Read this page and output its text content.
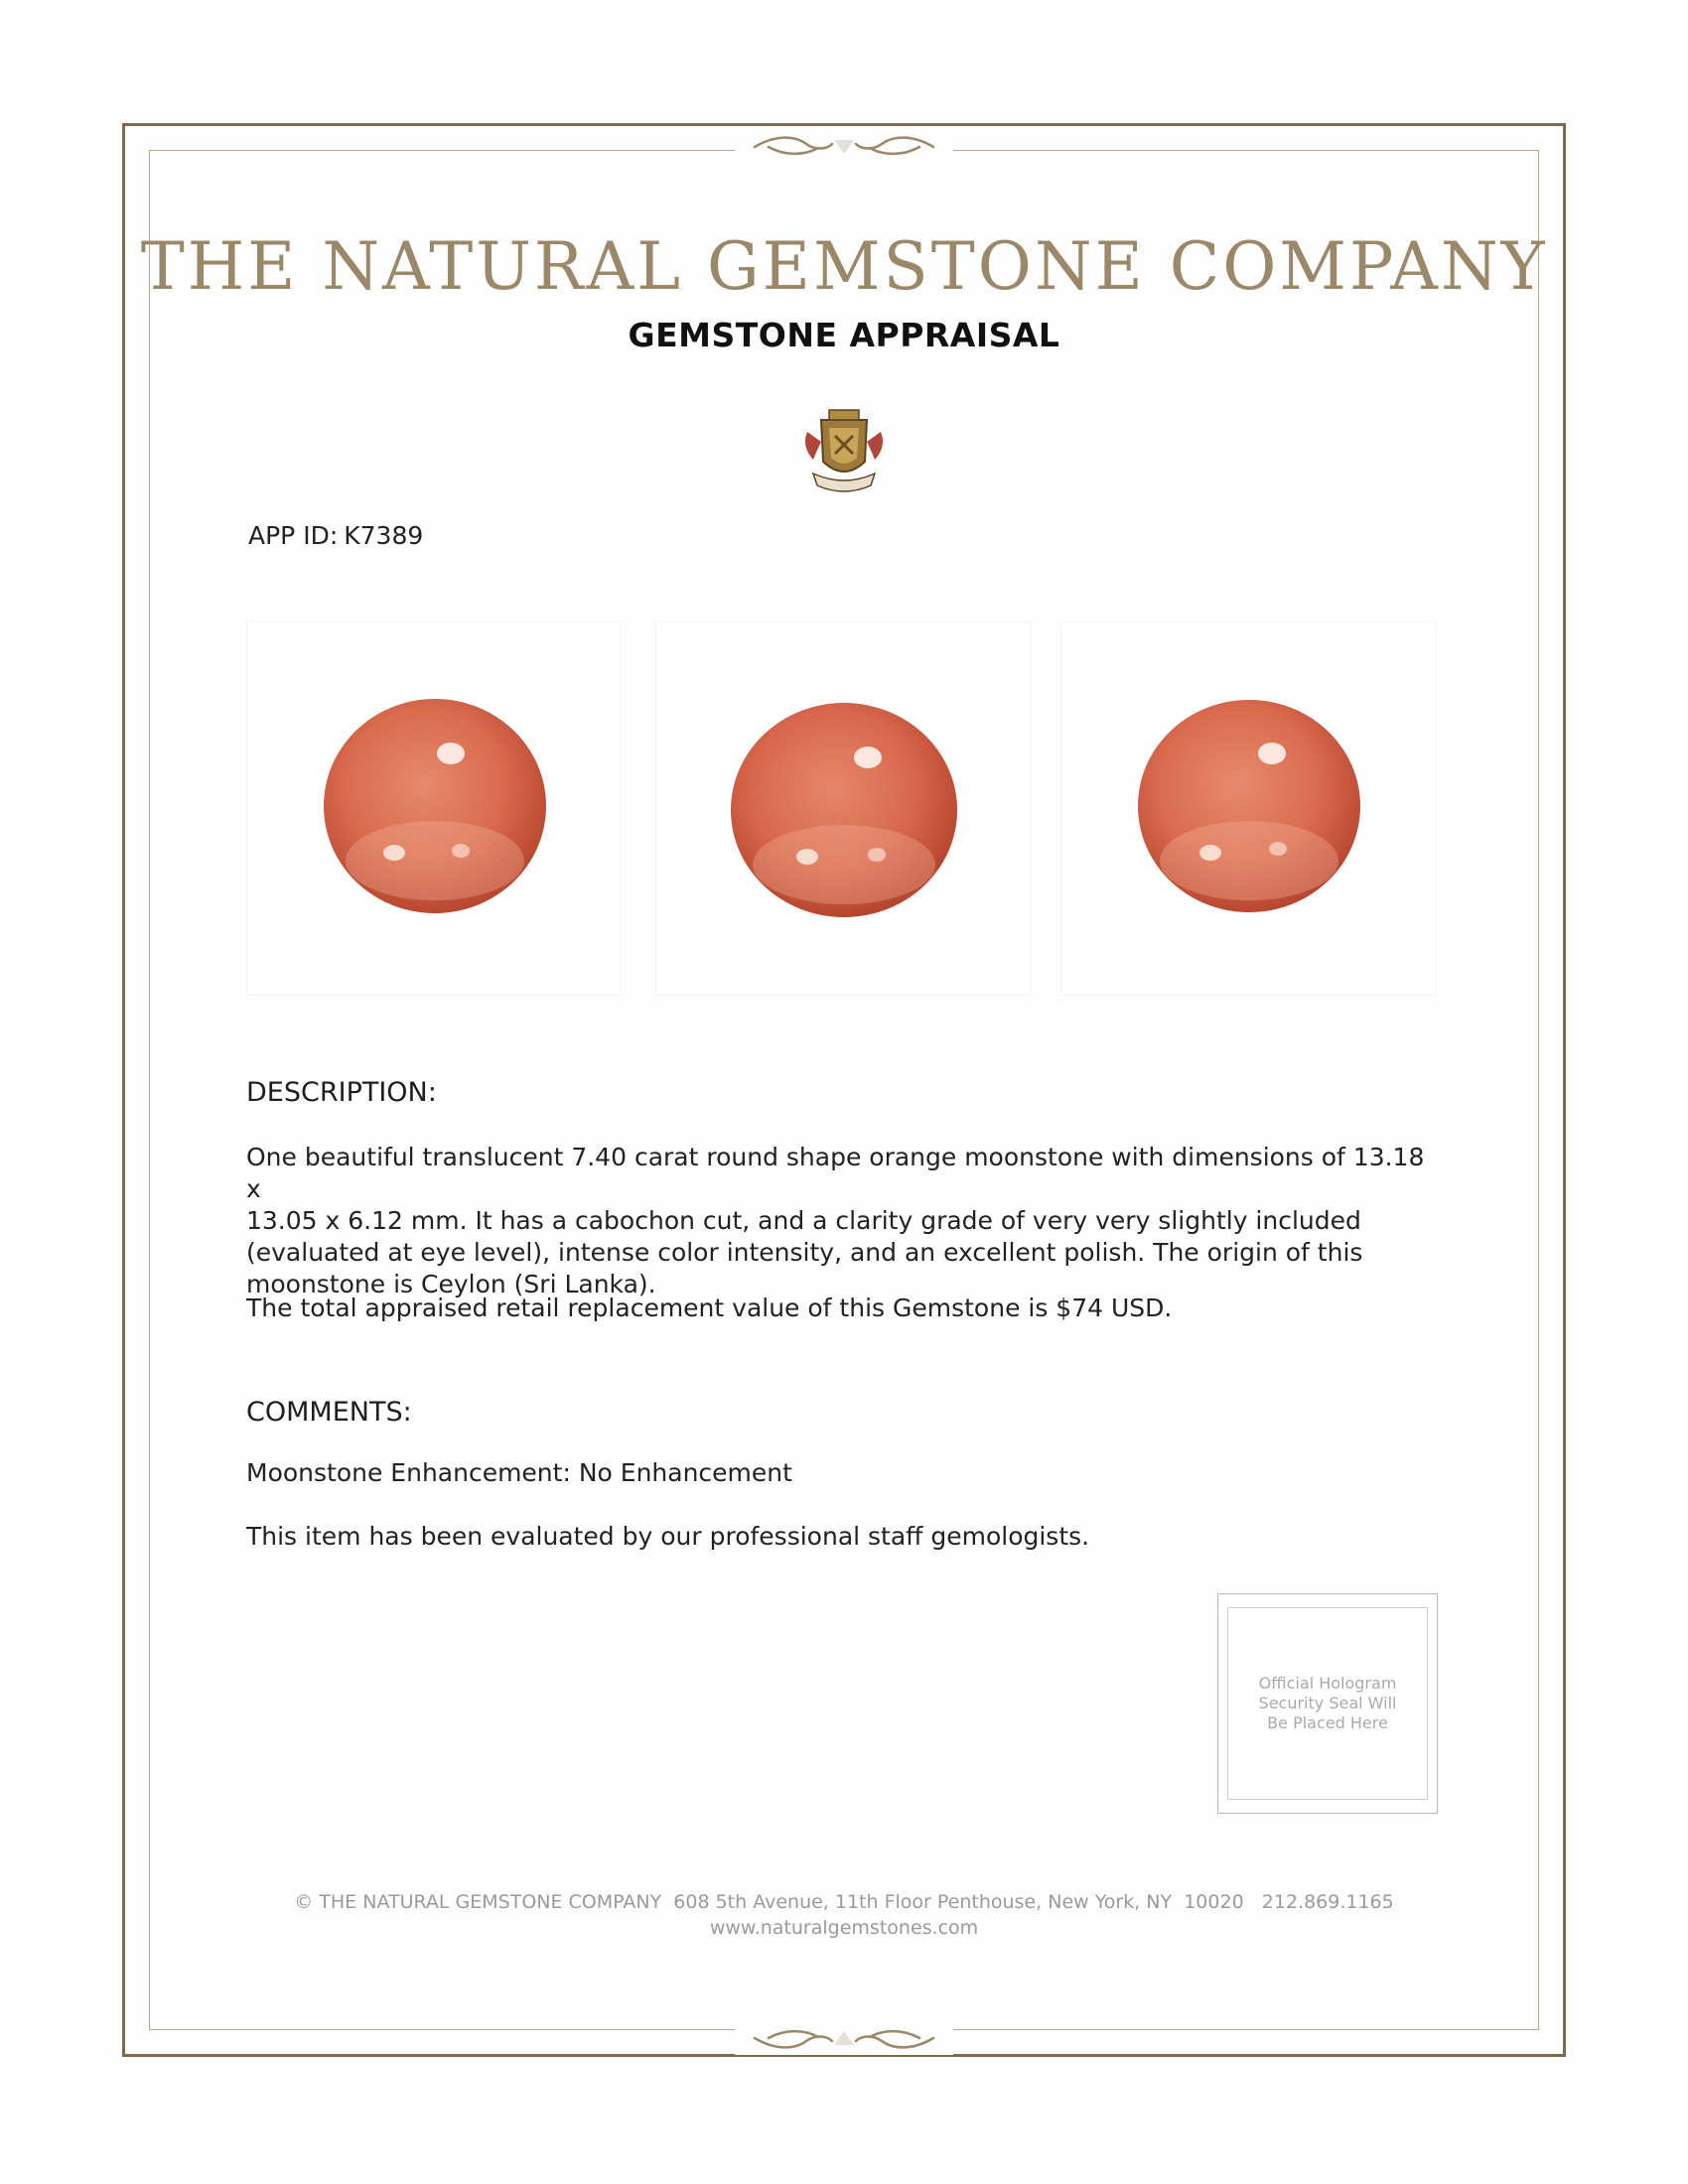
THE NATURAL GEMSTONE COMPANY
GEMSTONE APPRAISAL
APP ID: K7389
DESCRIPTION:
One beautiful translucent 7.40 carat round shape orange moonstone with dimensions of 13.18 x
13.05 x 6.12 mm. It has a cabochon cut, and a clarity grade of very very slightly included
(evaluated at eye level), intense color intensity, and an excellent polish. The origin of this
moonstone is Ceylon (Sri Lanka).

The total appraised retail replacement value of this Gemstone is $74 USD.

COMMENTS:

Moonstone Enhancement: No Enhancement

This item has been evaluated by our professional staff gemologists.

Official Hologram
Security Seal Will
Be Placed Here
© THE NATURAL GEMSTONE COMPANY  608 5th Avenue, 11th Floor Penthouse, New York, NY  10020   212.869.1165
www.naturalgemstones.com
